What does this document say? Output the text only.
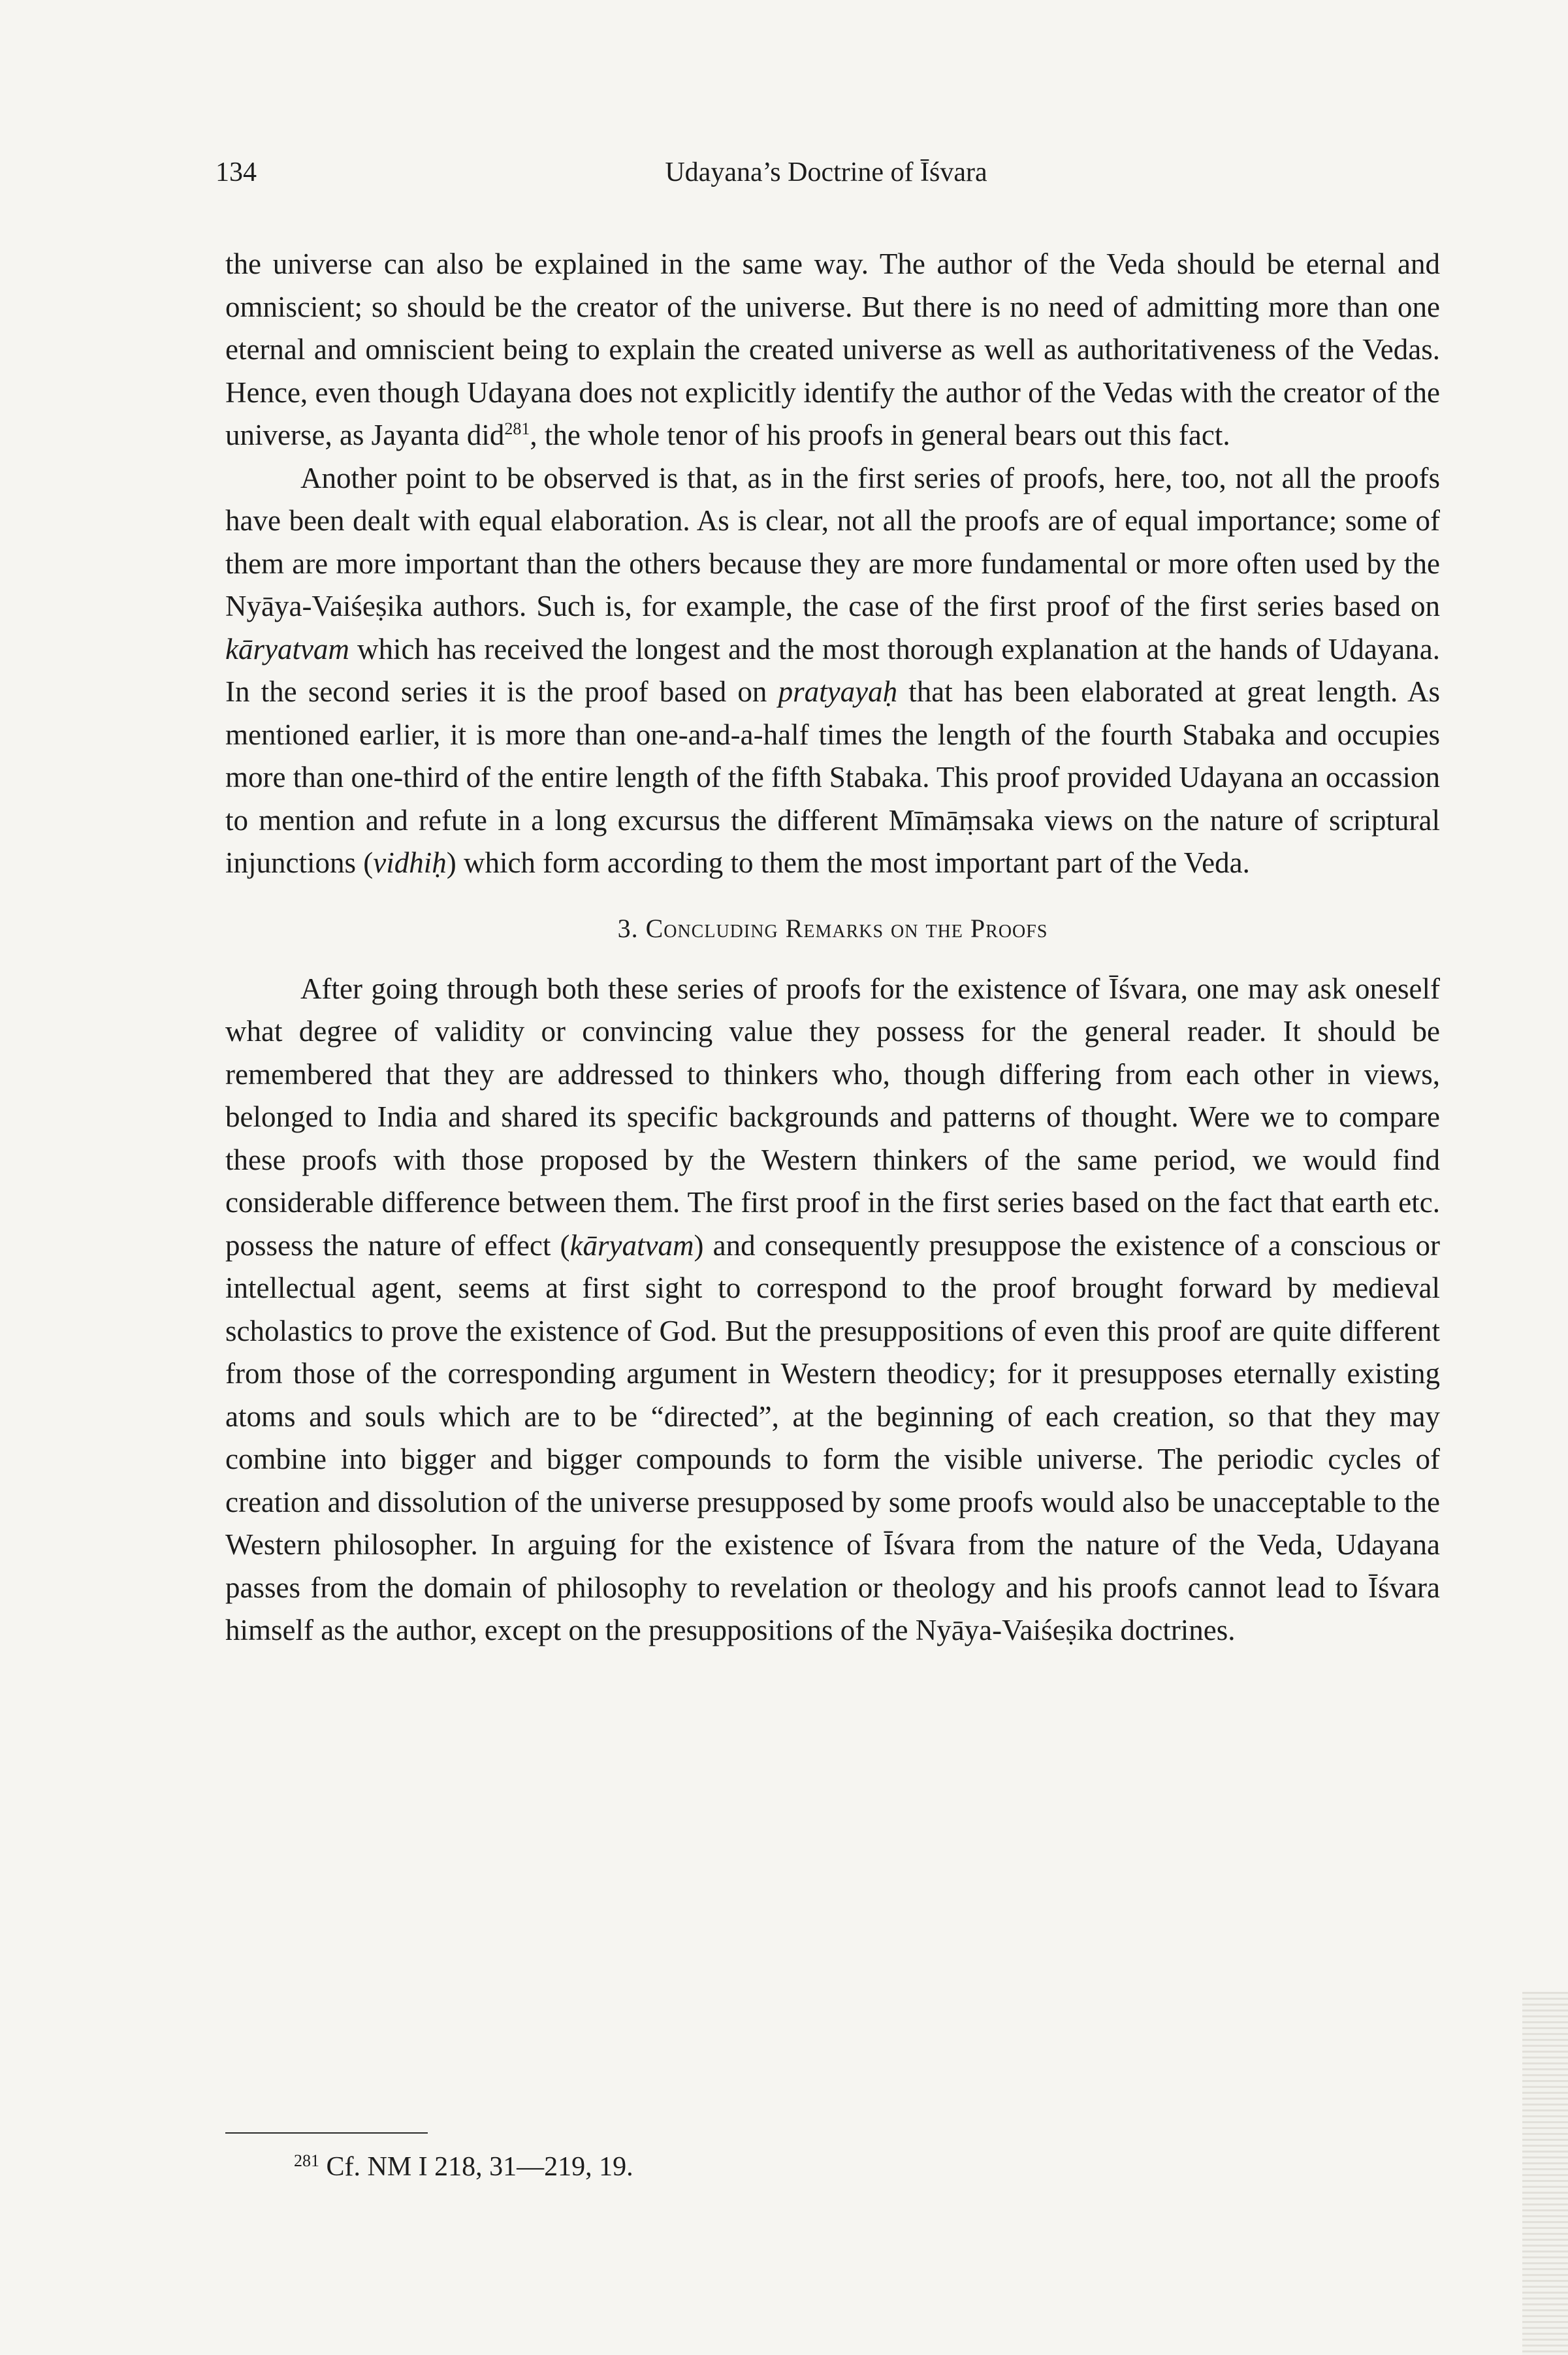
134	Udayana’s Doctrine of Īśvara

the universe can also be explained in the same way. The author of the Veda should be eternal and omniscient; so should be the creator of the universe. But there is no need of admitting more than one eternal and omniscient being to explain the created universe as well as authoritativeness of the Vedas. Hence, even though Udayana does not explicitly identify the author of the Vedas with the creator of the universe, as Jayanta did$^{281}$, the whole tenor of his proofs in general bears out this fact.

Another point to be observed is that, as in the first series of proofs, here, too, not all the proofs have been dealt with equal elaboration. As is clear, not all the proofs are of equal importance; some of them are more important than the others because they are more fundamental or more often used by the Nyāya-Vaiśeṣika authors. Such is, for example, the case of the first proof of the first series based on kāryatvam which has received the longest and the most thorough explanation at the hands of Udayana. In the second series it is the proof based on pratyayaḥ that has been elaborated at great length. As mentioned earlier, it is more than one-and-a-half times the length of the fourth Stabaka and occupies more than one-third of the entire length of the fifth Stabaka. This proof provided Udayana an occassion to mention and refute in a long excursus the different Mīmāṃsaka views on the nature of scriptural injunctions (vidhiḥ) which form according to them the most important part of the Veda.

3. Concluding Remarks on the Proofs

After going through both these series of proofs for the existence of Īśvara, one may ask oneself what degree of validity or convincing value they possess for the general reader. It should be remembered that they are addressed to thinkers who, though differing from each other in views, belonged to India and shared its specific backgrounds and patterns of thought. Were we to compare these proofs with those proposed by the Western thinkers of the same period, we would find considerable difference between them. The first proof in the first series based on the fact that earth etc. possess the nature of effect (kāryatvam) and consequently presuppose the existence of a conscious or intellectual agent, seems at first sight to correspond to the proof brought forward by medieval scholastics to prove the existence of God. But the presuppositions of even this proof are quite different from those of the corresponding argument in Western theodicy; for it presupposes eternally existing atoms and souls which are to be “directed”, at the beginning of each creation, so that they may combine into bigger and bigger compounds to form the visible universe. The periodic cycles of creation and dissolution of the universe presupposed by some proofs would also be unacceptable to the Western philosopher. In arguing for the existence of Īśvara from the nature of the Veda, Udayana passes from the domain of philosophy to revelation or theology and his proofs cannot lead to Īśvara himself as the author, except on the presuppositions of the Nyāya-Vaiśeṣika doctrines.

$^{281}$ Cf. NM I 218, 31—219, 19.
